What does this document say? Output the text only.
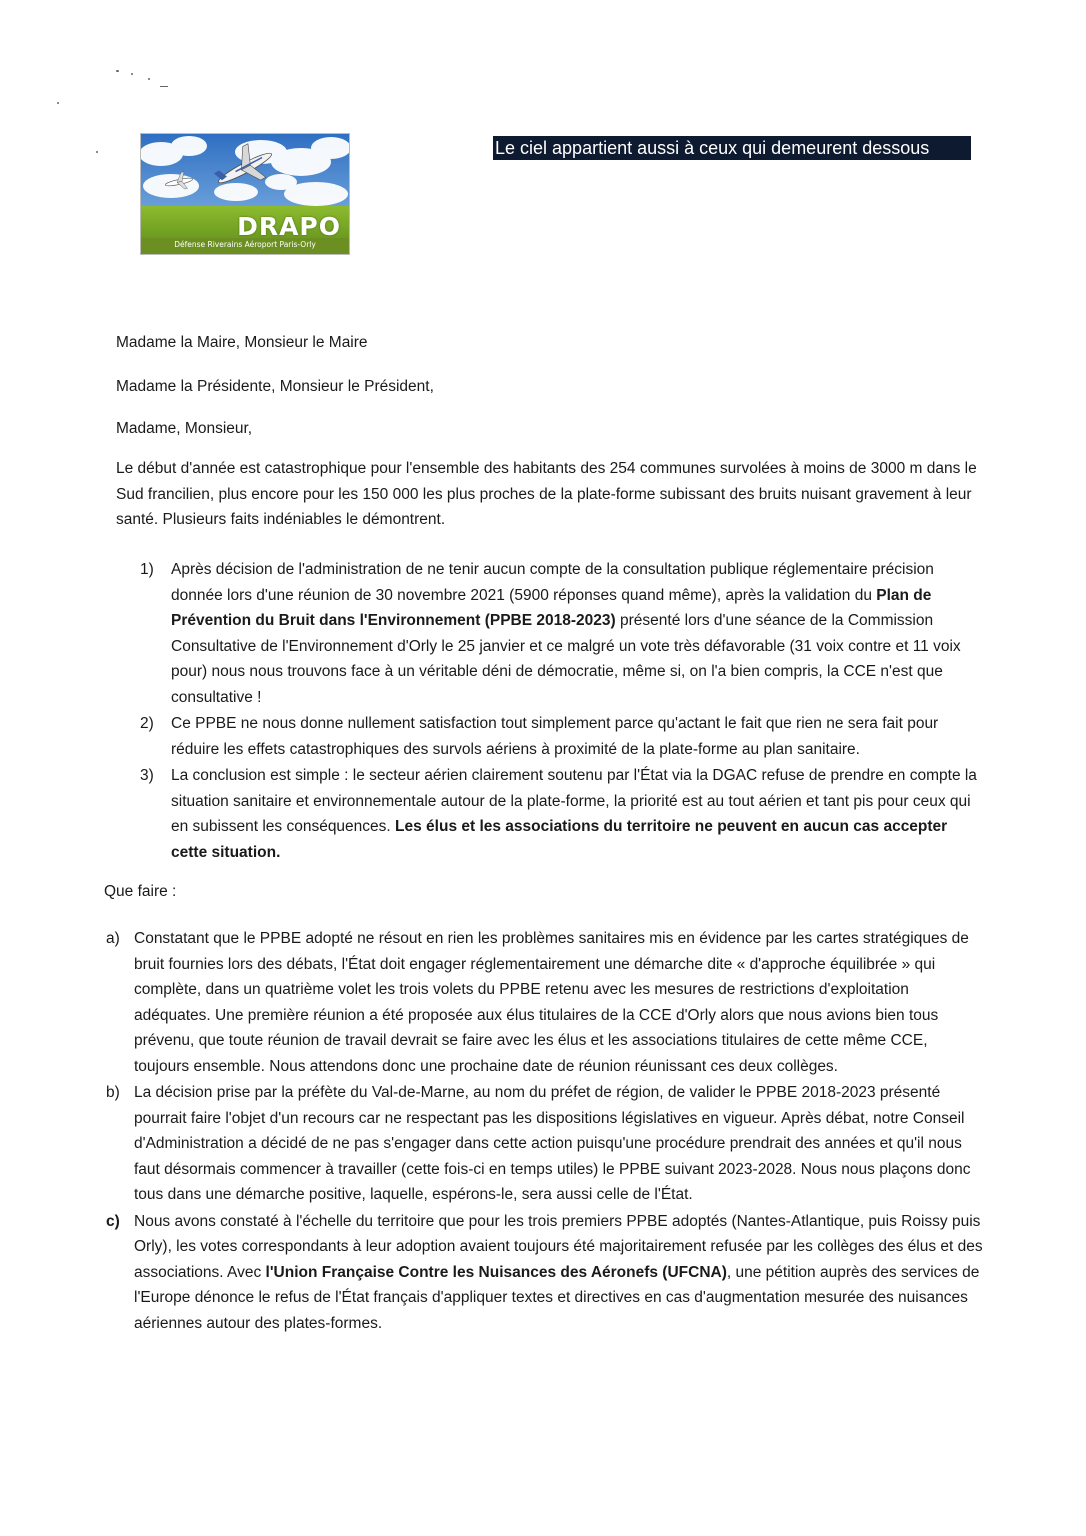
DRAPO
Défense Riverains Aéroport Paris-Orly
Le ciel appartient aussi à ceux qui demeurent dessous
Madame la Maire, Monsieur le Maire
Madame la Présidente, Monsieur le Président,
Madame, Monsieur,
Le début d'année est catastrophique pour l'ensemble des habitants des 254 communes survolées à moins de 3000 m dans le Sud francilien, plus encore pour les 150 000 les plus proches de la plate-forme subissant des bruits nuisant gravement à leur santé. Plusieurs faits indéniables le démontrent.
1) Après décision de l'administration de ne tenir aucun compte de la consultation publique réglementaire précision donnée lors d'une réunion de 30 novembre 2021 (5900 réponses quand même), après la validation du Plan de Prévention du Bruit dans l'Environnement (PPBE 2018-2023) présenté lors d'une séance de la Commission Consultative de l'Environnement d'Orly le 25 janvier et ce malgré un vote très défavorable (31 voix contre et 11 voix pour) nous nous trouvons face à un véritable déni de démocratie, même si, on l'a bien compris, la CCE n'est que consultative !
2) Ce PPBE ne nous donne nullement satisfaction tout simplement parce qu'actant le fait que rien ne sera fait pour réduire les effets catastrophiques des survols aériens à proximité de la plate-forme au plan sanitaire.
3) La conclusion est simple : le secteur aérien clairement soutenu par l'État via la DGAC refuse de prendre en compte la situation sanitaire et environnementale autour de la plate-forme, la priorité est au tout aérien et tant pis pour ceux qui en subissent les conséquences. Les élus et les associations du territoire ne peuvent en aucun cas accepter cette situation.
Que faire :
a) Constatant que le PPBE adopté ne résout en rien les problèmes sanitaires mis en évidence par les cartes stratégiques de bruit fournies lors des débats, l'État doit engager réglementairement une démarche dite « d'approche équilibrée » qui complète, dans un quatrième volet les trois volets du PPBE retenu avec les mesures de restrictions d'exploitation adéquates. Une première réunion a été proposée aux élus titulaires de la CCE d'Orly alors que nous avions bien tous prévenu, que toute réunion de travail devrait se faire avec les élus et les associations titulaires de cette même CCE, toujours ensemble. Nous attendons donc une prochaine date de réunion réunissant ces deux collèges.
b) La décision prise par la préfète du Val-de-Marne, au nom du préfet de région, de valider le PPBE 2018-2023 présenté pourrait faire l'objet d'un recours car ne respectant pas les dispositions législatives en vigueur. Après débat, notre Conseil d'Administration a décidé de ne pas s'engager dans cette action puisqu'une procédure prendrait des années et qu'il nous faut désormais commencer à travailler (cette fois-ci en temps utiles) le PPBE suivant 2023-2028. Nous nous plaçons donc tous dans une démarche positive, laquelle, espérons-le, sera aussi celle de l'État.
c) Nous avons constaté à l'échelle du territoire que pour les trois premiers PPBE adoptés (Nantes-Atlantique, puis Roissy puis Orly), les votes correspondants à leur adoption avaient toujours été majoritairement refusée par les collèges des élus et des associations. Avec l'Union Française Contre les Nuisances des Aéronefs (UFCNA), une pétition auprès des services de l'Europe dénonce le refus de l'État français d'appliquer textes et directives en cas d'augmentation mesurée des nuisances aériennes autour des plates-formes.
